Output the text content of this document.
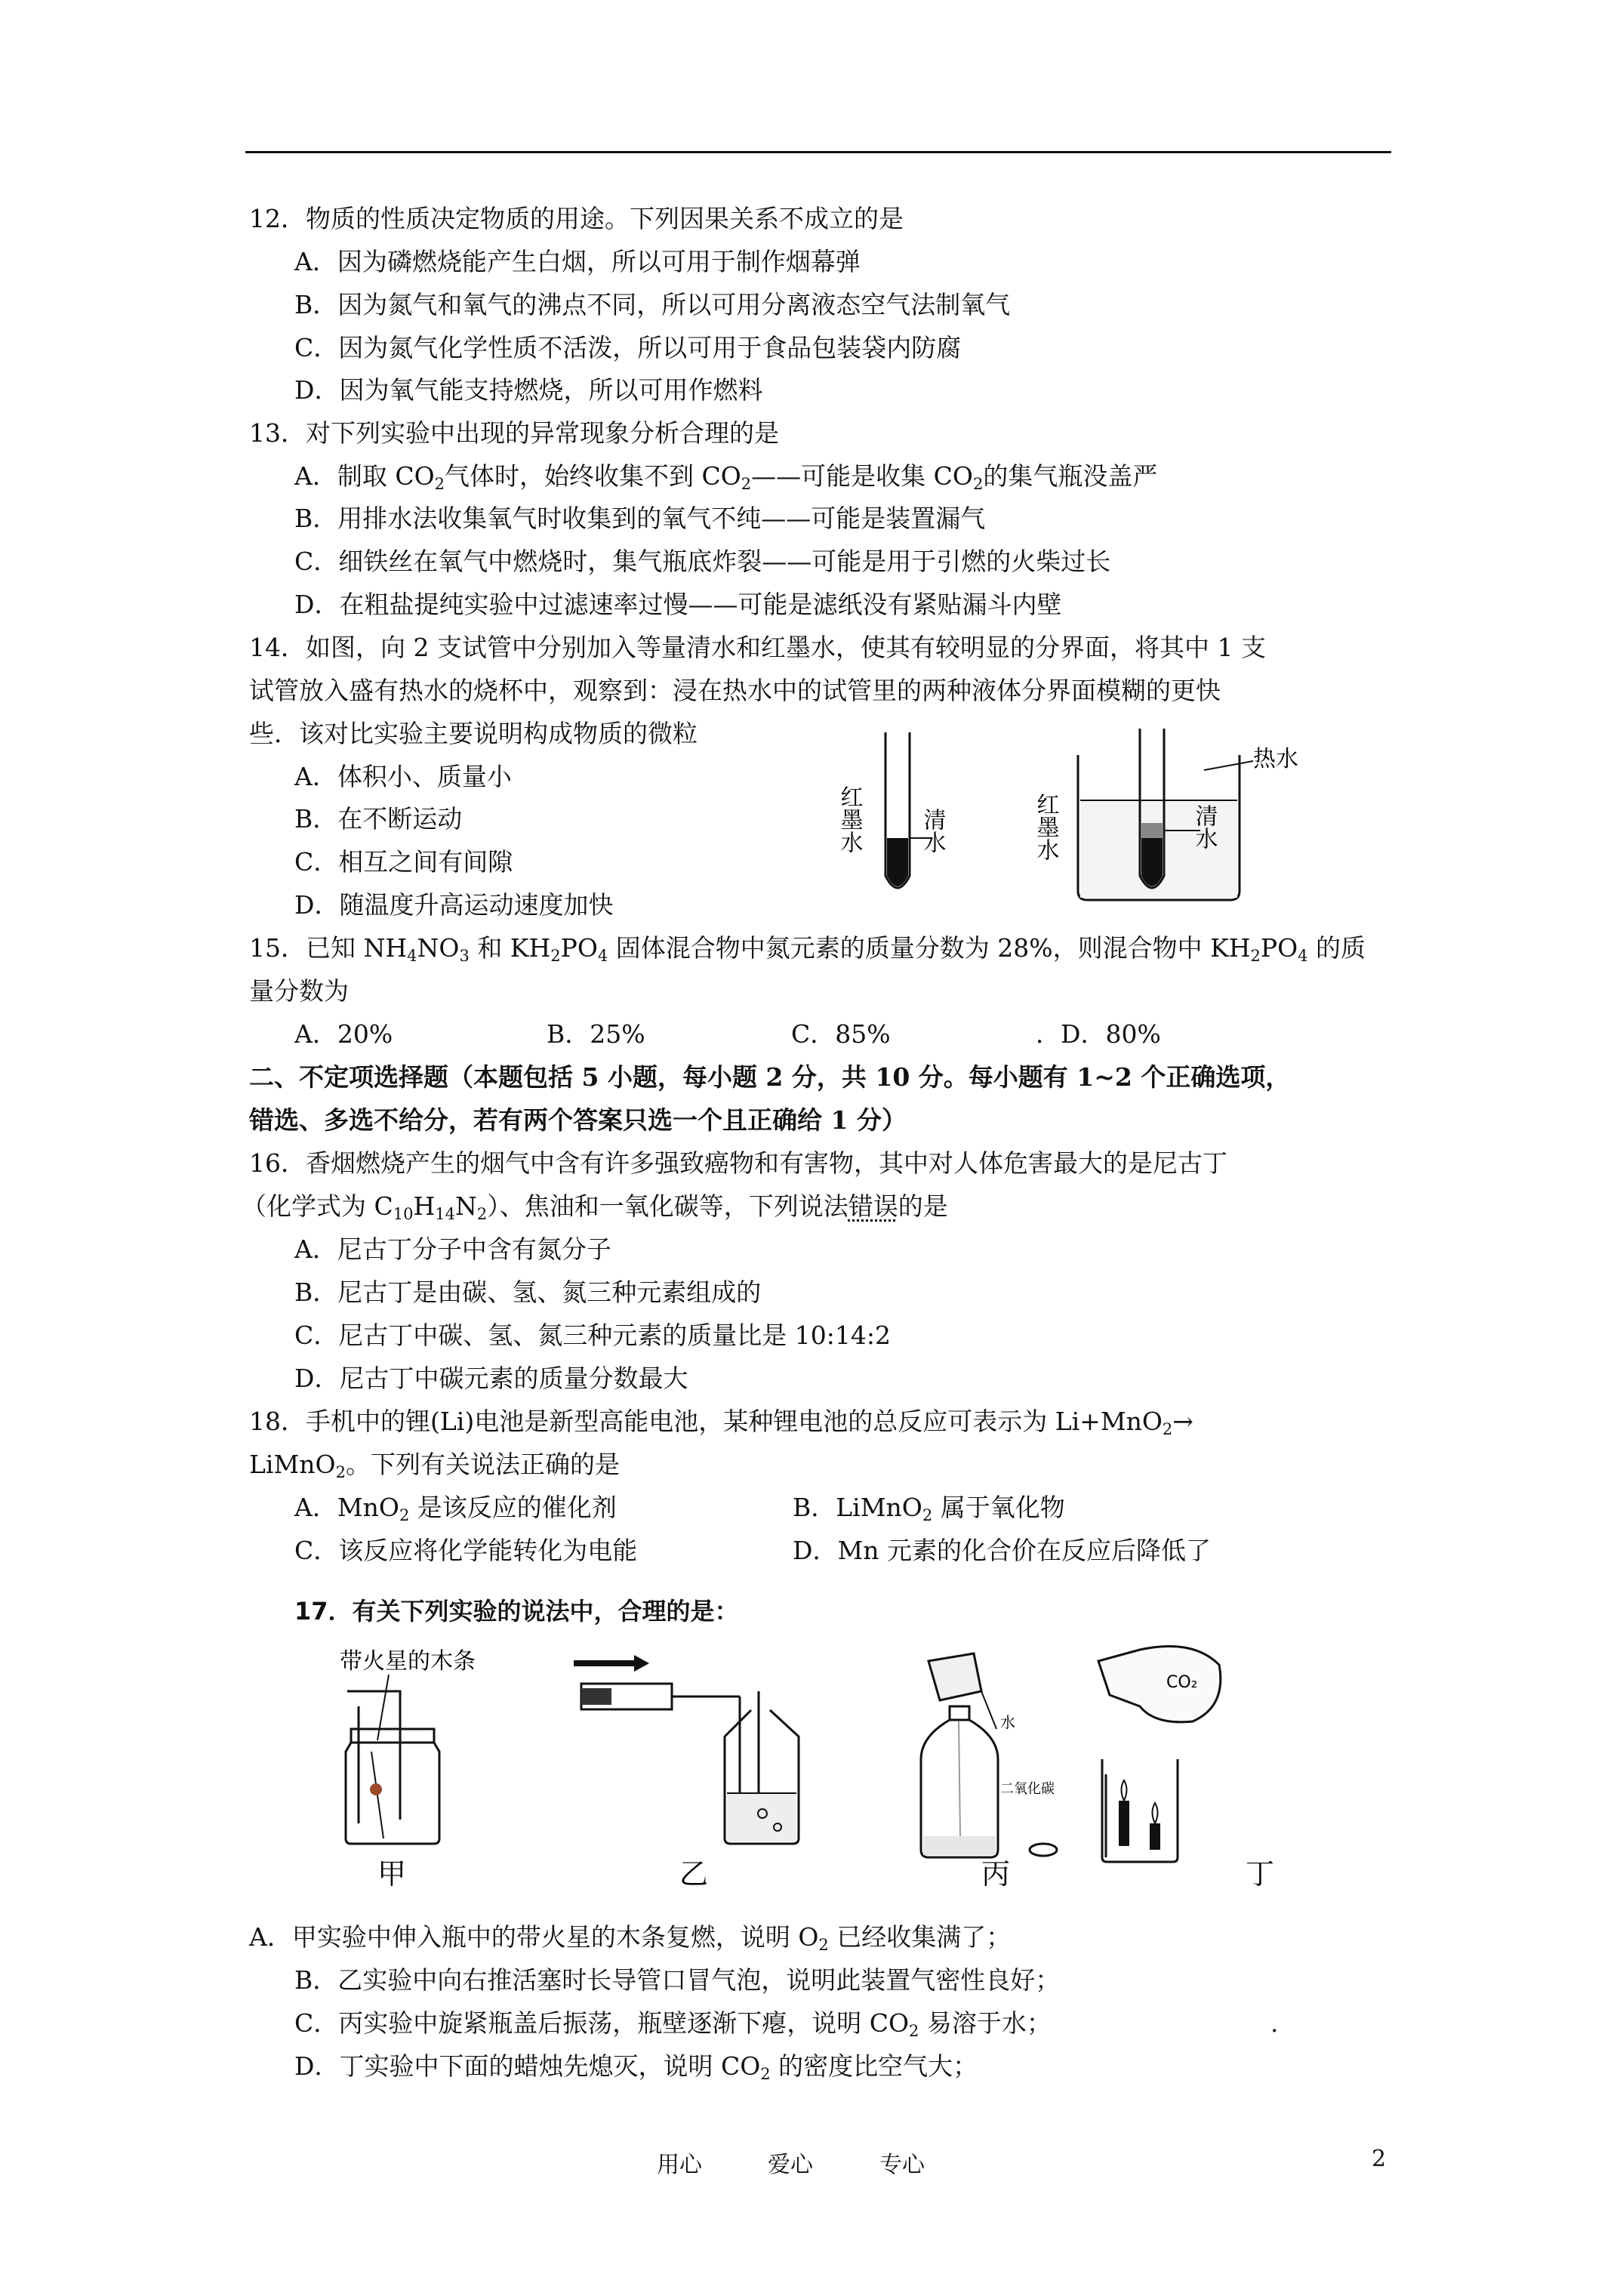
12．物质的性质决定物质的用途。下列因果关系不成立的是
A．因为磷燃烧能产生白烟，所以可用于制作烟幕弹
B．因为氮气和氧气的沸点不同，所以可用分离液态空气法制氧气
C．因为氮气化学性质不活泼，所以可用于食品包装袋内防腐
D．因为氧气能支持燃烧，所以可用作燃料
13．对下列实验中出现的异常现象分析合理的是
A．制取 $CO_2$气体时，始终收集不到 $CO_2——$可能是收集 $CO_2$的集气瓶没盖严
B．用排水法收集氧气时收集到的氧气不纯——可能是装置漏气
C．细铁丝在氧气中燃烧时，集气瓶底炸裂——可能是用于引燃的火柴过长
D．在粗盐提纯实验中过滤速率过慢——可能是滤纸没有紧贴漏斗内壁
14．如图，向 2 支试管中分别加入等量清水和红墨水，使其有较明显的分界面，将其中 1 支
试管放入盛有热水的烧杯中，观察到：浸在热水中的试管里的两种液体分界面模糊的更快
些．该对比实验主要说明构成物质的微粒
A．体积小、质量小
B．在不断运动
C．相互之间有间隙
D．随温度升高运动速度加快
红墨水	清水
热水
红墨水	清水
15．已知 $NH_4NO_3$ 和 $KH_2PO_4$ 固体混合物中氮元素的质量分数为 28%，则混合物中 $KH_2PO_4$ 的质
量分数为
A．20%	B．25%	C．85%	．D．80%
二、不定项选择题（本题包括 5 小题，每小题 2 分，共 10 分。每小题有 1~2 个正确选项，
错选、多选不给分，若有两个答案只选一个且正确给 1 分）
16．香烟燃烧产生的烟气中含有许多强致癌物和有害物，其中对人体危害最大的是尼古丁
（化学式为 $C_{10}H_{14}N_2$）、焦油和一氧化碳等，下列说法错误的是
A．尼古丁分子中含有氮分子
B．尼古丁是由碳、氢、氮三种元素组成的
C．尼古丁中碳、氢、氮三种元素的质量比是 10:14:2
D．尼古丁中碳元素的质量分数最大
18．手机中的锂(Li)电池是新型高能电池，某种锂电池的总反应可表示为 Li+MnO$_2$→
LiMnO$_2$。下列有关说法正确的是
A．MnO$_2$ 是该反应的催化剂	B．LiMnO$_2$ 属于氧化物
C．该反应将化学能转化为电能	D．Mn 元素的化合价在反应后降低了
17．有关下列实验的说法中，合理的是：
带火星的木条
水
二氧化碳
CO₂
甲	乙	丙	丁
A．甲实验中伸入瓶中的带火星的木条复燃，说明 $O_2$ 已经收集满了；
B．乙实验中向右推活塞时长导管口冒气泡，说明此装置气密性良好；
C．丙实验中旋紧瓶盖后振荡，瓶壁逐渐下瘪，说明 $CO_2$ 易溶于水；	.
D．丁实验中下面的蜡烛先熄灭，说明 $CO_2$ 的密度比空气大；
用心	爱心	专心	2
